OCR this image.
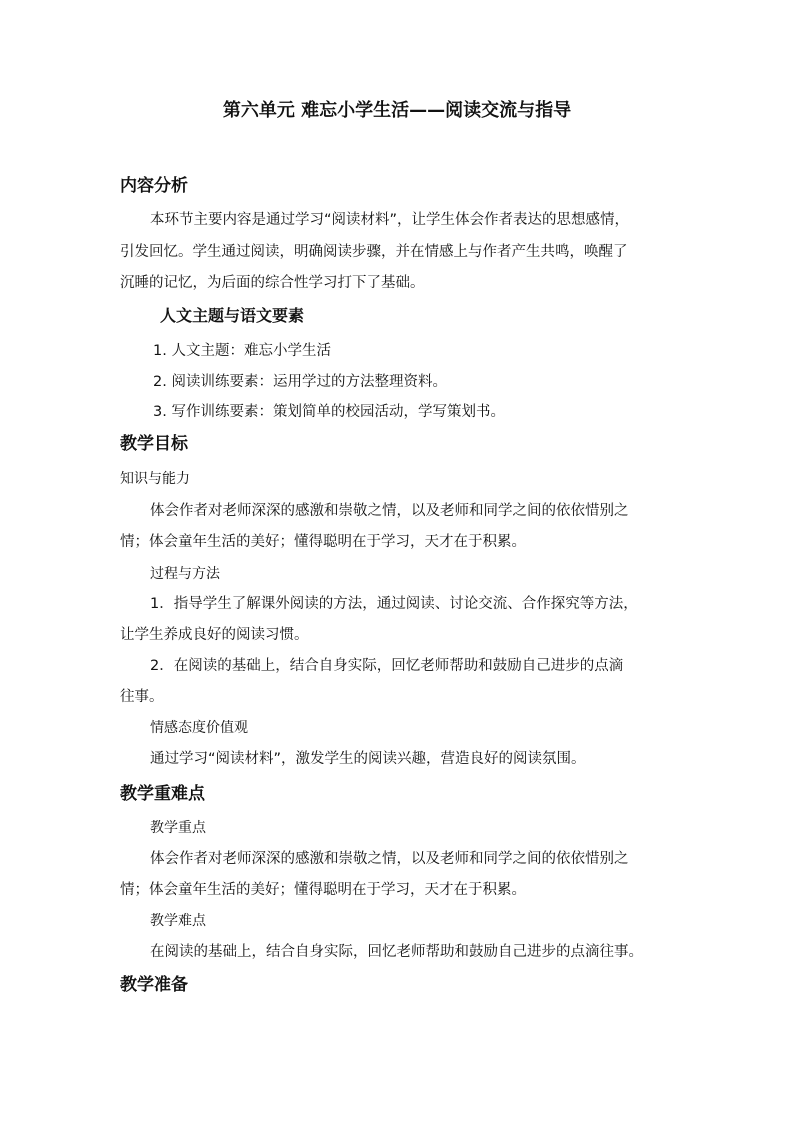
第六单元 难忘小学生活——阅读交流与指导
内容分析
本环节主要内容是通过学习“阅读材料”，让学生体会作者表达的思想感情，
引发回忆。学生通过阅读，明确阅读步骤，并在情感上与作者产生共鸣，唤醒了
沉睡的记忆，为后面的综合性学习打下了基础。
人文主题与语文要素
1. 人文主题：难忘小学生活
2. 阅读训练要素：运用学过的方法整理资料。
3. 写作训练要素：策划简单的校园活动，学写策划书。
教学目标
知识与能力
体会作者对老师深深的感激和崇敬之情，以及老师和同学之间的依依惜别之
情；体会童年生活的美好；懂得聪明在于学习，天才在于积累。
过程与方法
1．指导学生了解课外阅读的方法，通过阅读、讨论交流、合作探究等方法，
让学生养成良好的阅读习惯。
2．在阅读的基础上，结合自身实际，回忆老师帮助和鼓励自己进步的点滴
往事。
情感态度价值观
通过学习“阅读材料”，激发学生的阅读兴趣，营造良好的阅读氛围。
教学重难点
教学重点
体会作者对老师深深的感激和崇敬之情，以及老师和同学之间的依依惜别之
情；体会童年生活的美好；懂得聪明在于学习，天才在于积累。
教学难点
在阅读的基础上，结合自身实际，回忆老师帮助和鼓励自己进步的点滴往事。
教学准备
